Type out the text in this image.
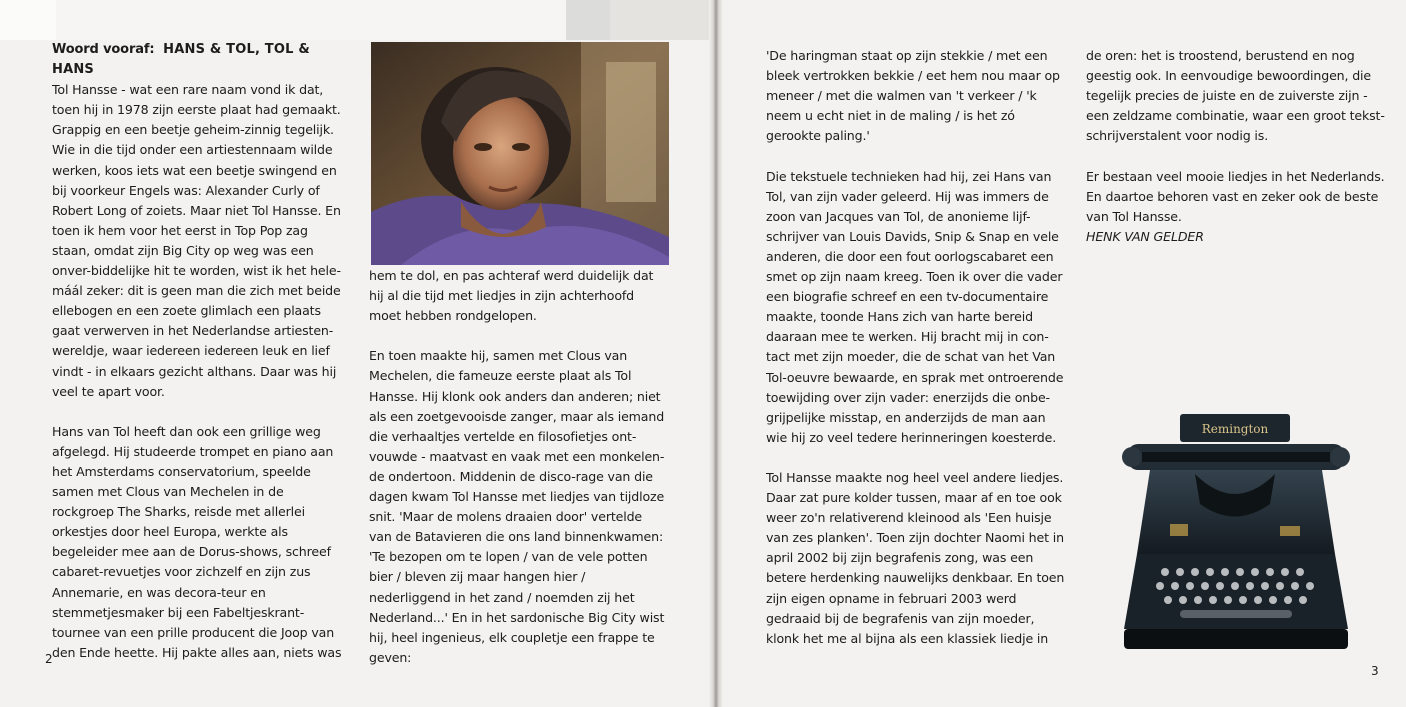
Woord vooraf: HANS & TOL, TOL & HANS

Tol Hansse - wat een rare naam vond ik dat, toen hij in 1978 zijn eerste plaat had gemaakt. Grappig en een beetje geheim-zinnig tegelijk. Wie in die tijd onder een artiestennaam wilde werken, koos iets wat een beetje swingend en bij voorkeur Engels was: Alexander Curly of Robert Long of zoiets. Maar niet Tol Hansse. En toen ik hem voor het eerst in Top Pop zag staan, omdat zijn Big City op weg was een onver-biddelijke hit te worden, wist ik het hele-máál zeker: dit is geen man die zich met beide ellebogen en een zoete glimlach een plaats gaat verwerven in het Nederlandse artiesten-wereldje, waar iedereen iedereen leuk en lief vindt - in elkaars gezicht althans. Daar was hij veel te apart voor.

Hans van Tol heeft dan ook een grillige weg afgelegd. Hij studeerde trompet en piano aan het Amsterdams conservatorium, speelde samen met Clous van Mechelen in de rockgroep The Sharks, reisde met allerlei orkestjes door heel Europa, werkte als begeleider mee aan de Dorus-shows, schreef cabaret-revuetjes voor zichzelf en zijn zus Annemarie, en was decora-teur en stemmetjesmaker bij een Fabeltjeskrant-tournee van een prille producent die Joop van den Ende heette. Hij pakte alles aan, niets was

hem te dol, en pas achteraf werd duidelijk dat hij al die tijd met liedjes in zijn achterhoofd moet hebben rondgelopen.

En toen maakte hij, samen met Clous van Mechelen, die fameuze eerste plaat als Tol Hansse. Hij klonk ook anders dan anderen; niet als een zoetgevooisde zanger, maar als iemand die verhaaltjes vertelde en filosofietjes ont-vouwde - maatvast en vaak met een monkelen-de ondertoon. Middenin de disco-rage van die dagen kwam Tol Hansse met liedjes van tijdloze snit. 'Maar de molens draaien door' vertelde van de Batavieren die ons land binnenkwamen: 'Te bezopen om te lopen / van de vele potten bier / bleven zij maar hangen hier / nederliggend in het zand / noemden zij het Nederland...' En in het sardonische Big City wist hij, heel ingenieus, elk coupletje een frappe te geven:

2

'De haringman staat op zijn stekkie / met een bleek vertrokken bekkie / eet hem nou maar op meneer / met die walmen van 't verkeer / 'k neem u echt niet in de maling / is het zó gerookte paling.'

Die tekstuele technieken had hij, zei Hans van Tol, van zijn vader geleerd. Hij was immers de zoon van Jacques van Tol, de anonieme lijf-schrijver van Louis Davids, Snip & Snap en vele anderen, die door een fout oorlogscabaret een smet op zijn naam kreeg. Toen ik over die vader een biografie schreef en een tv-documentaire maakte, toonde Hans zich van harte bereid daaraan mee te werken. Hij bracht mij in con-tact met zijn moeder, die de schat van het Van Tol-oeuvre bewaarde, en sprak met ontroerende toewijding over zijn vader: enerzijds die onbe-grijpelijke misstap, en anderzijds de man aan wie hij zo veel tedere herinneringen koesterde.

Tol Hansse maakte nog heel veel andere liedjes. Daar zat pure kolder tussen, maar af en toe ook weer zo'n relativerend kleinood als 'Een huisje van zes planken'. Toen zijn dochter Naomi het in april 2002 bij zijn begrafenis zong, was een betere herdenking nauwelijks denkbaar. En toen zijn eigen opname in februari 2003 werd gedraaid bij de begrafenis van zijn moeder, klonk het me al bijna als een klassiek liedje in

de oren: het is troostend, berustend en nog geestig ook. In eenvoudige bewoordingen, die tegelijk precies de juiste en de zuiverste zijn - een zeldzame combinatie, waar een groot tekst-schrijverstalent voor nodig is.

Er bestaan veel mooie liedjes in het Nederlands. En daartoe behoren vast en zeker ook de beste van Tol Hansse.
HENK VAN GELDER

Remington
3
